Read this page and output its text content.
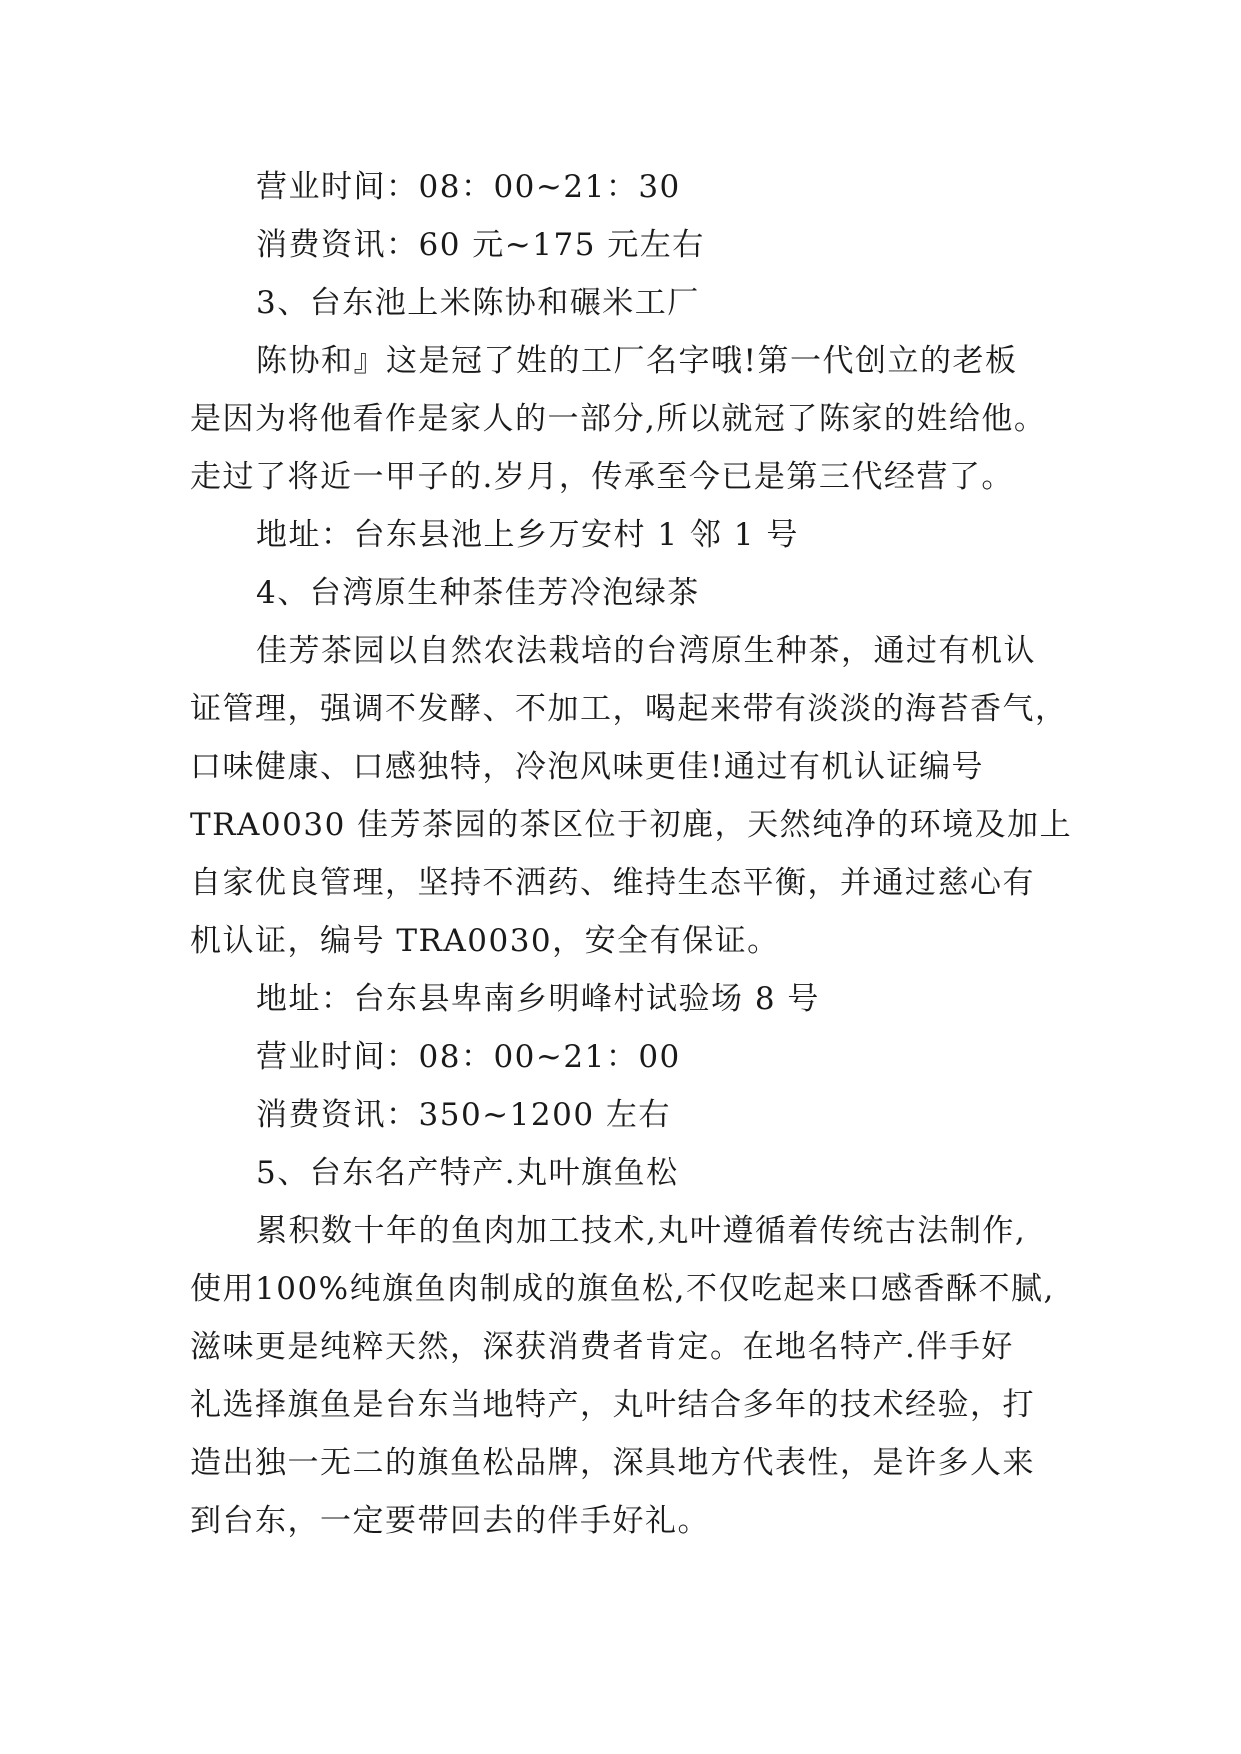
营业时间：08：00~21：30

消费资讯：60 元~175 元左右

3、台东池上米陈协和碾米工厂

陈协和』这是冠了姓的工厂名字哦!第一代创立的老板

是因为将他看作是家人的一部分,所以就冠了陈家的姓给他。

走过了将近一甲子的.岁月，传承至今已是第三代经营了。

地址：台东县池上乡万安村 1 邻 1 号

4、台湾原生种茶佳芳冷泡绿茶

佳芳茶园以自然农法栽培的台湾原生种茶，通过有机认

证管理，强调不发酵、不加工，喝起来带有淡淡的海苔香气，

口味健康、口感独特，冷泡风味更佳!通过有机认证编号

TRA0030 佳芳茶园的茶区位于初鹿，天然纯净的环境及加上

自家优良管理，坚持不洒药、维持生态平衡，并通过慈心有

机认证，编号 TRA0030，安全有保证。

地址：台东县卑南乡明峰村试验场 8 号

营业时间：08：00~21：00

消费资讯：350~1200 左右

5、台东名产特产.丸叶旗鱼松

累积数十年的鱼肉加工技术,丸叶遵循着传统古法制作,

使用100%纯旗鱼肉制成的旗鱼松,不仅吃起来口感香酥不腻,

滋味更是纯粹天然，深获消费者肯定。在地名特产.伴手好

礼选择旗鱼是台东当地特产，丸叶结合多年的技术经验，打

造出独一无二的旗鱼松品牌，深具地方代表性，是许多人来

到台东，一定要带回去的伴手好礼。
